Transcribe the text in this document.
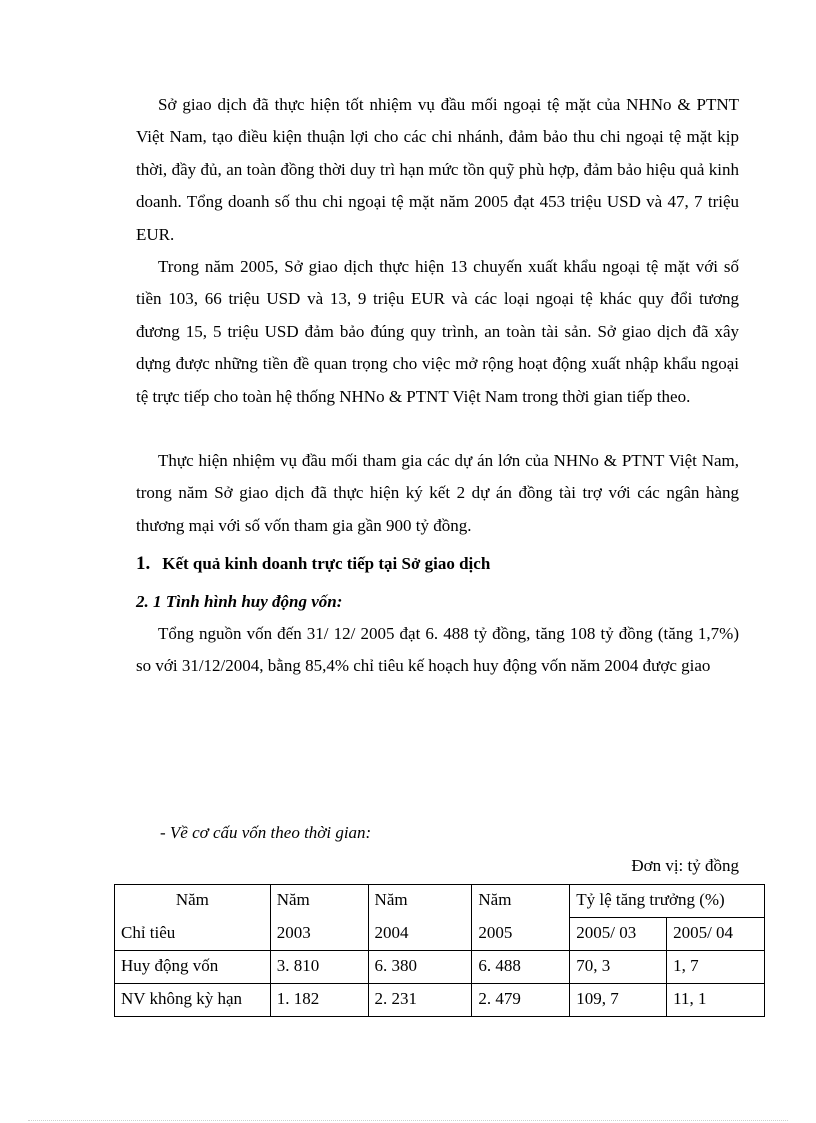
Sở giao dịch đã thực hiện tốt nhiệm vụ đầu mối ngoại tệ mặt của NHNo & PTNT Việt Nam, tạo điều kiện thuận lợi cho các chi nhánh, đảm bảo thu chi ngoại tệ mặt kịp thời, đầy đủ, an toàn đồng thời duy trì hạn mức tồn quỹ phù hợp, đảm bảo hiệu quả kinh doanh. Tổng doanh số thu chi ngoại tệ mặt năm 2005 đạt 453 triệu USD và 47, 7 triệu EUR.

Trong năm 2005, Sở giao dịch thực hiện 13 chuyến xuất khẩu ngoại tệ mặt với số tiền 103, 66 triệu USD và 13, 9 triệu EUR và các loại ngoại tệ khác quy đổi tương đương 15, 5 triệu USD đảm bảo đúng quy trình, an toàn tài sản. Sở giao dịch đã xây dựng được những tiền đề quan trọng cho việc mở rộng hoạt động xuất nhập khẩu ngoại tệ trực tiếp cho toàn hệ thống NHNo & PTNT Việt Nam trong thời gian tiếp theo.

Thực hiện nhiệm vụ đầu mối tham gia các dự án lớn của NHNo & PTNT Việt Nam, trong năm Sở giao dịch đã thực hiện ký kết 2 dự án đồng tài trợ với các ngân hàng thương mại với số vốn tham gia gần 900 tỷ đồng.

1. Kết quả kinh doanh trực tiếp tại Sở giao dịch

2. 1 Tình hình huy động vốn:

Tổng nguồn vốn đến 31/ 12/ 2005 đạt 6. 488 tỷ đồng, tăng 108 tỷ đồng (tăng 1,7%) so với 31/12/2004, bằng 85,4% chỉ tiêu kế hoạch huy động vốn năm 2004 được giao

- Về cơ cấu vốn theo thời gian:

Đơn vị: tỷ đồng

Năm	Năm	Năm	Năm	Tỷ lệ tăng trưởng (%)	
Chỉ tiêu	2003	2004	2005	2005/ 03	2005/ 04
Huy động vốn	3. 810	6. 380	6. 488	70, 3	1, 7
NV không kỳ hạn	1. 182	2. 231	2. 479	109, 7	11, 1
